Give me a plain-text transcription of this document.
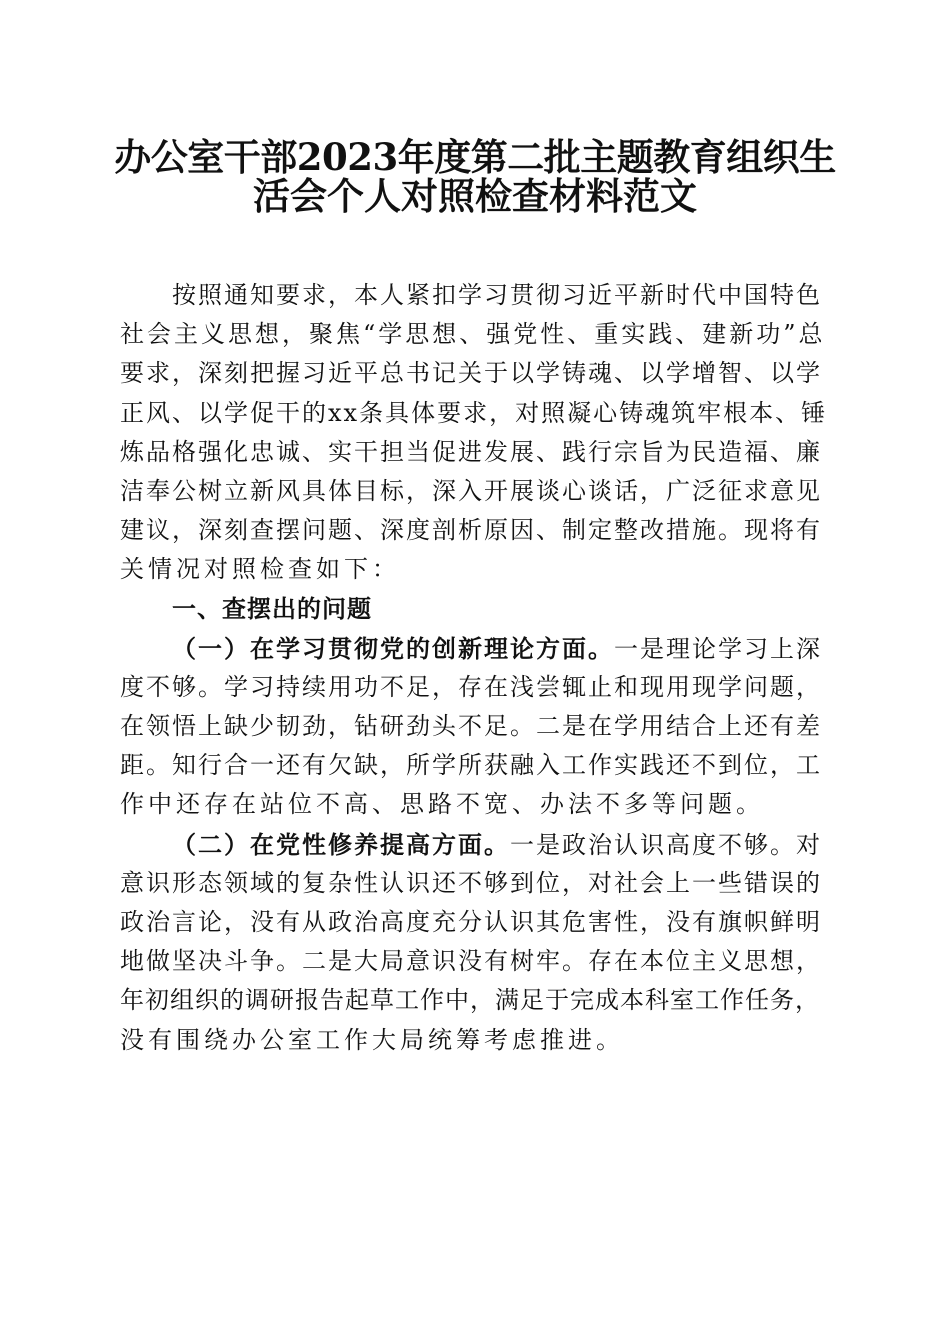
办公室干部2023年度第二批主题教育组织生
活会个人对照检查材料范文
按照通知要求，本人紧扣学习贯彻习近平新时代中国特色
社会主义思想，聚焦“学思想、强党性、重实践、建新功”总
要求，深刻把握习近平总书记关于以学铸魂、以学增智、以学
正风、以学促干的xx条具体要求，对照凝心铸魂筑牢根本、锤
炼品格强化忠诚、实干担当促进发展、践行宗旨为民造福、廉
洁奉公树立新风具体目标，深入开展谈心谈话，广泛征求意见
建议，深刻查摆问题、深度剖析原因、制定整改措施。现将有
关情况对照检查如下：
一、查摆出的问题
（一）在学习贯彻党的创新理论方面。一是理论学习上深
度不够。学习持续用功不足，存在浅尝辄止和现用现学问题，
在领悟上缺少韧劲，钻研劲头不足。二是在学用结合上还有差
距。知行合一还有欠缺，所学所获融入工作实践还不到位，工
作中还存在站位不高、思路不宽、办法不多等问题。
（二）在党性修养提高方面。一是政治认识高度不够。对
意识形态领域的复杂性认识还不够到位，对社会上一些错误的
政治言论，没有从政治高度充分认识其危害性，没有旗帜鲜明
地做坚决斗争。二是大局意识没有树牢。存在本位主义思想，
年初组织的调研报告起草工作中，满足于完成本科室工作任务，
没有围绕办公室工作大局统筹考虑推进。
